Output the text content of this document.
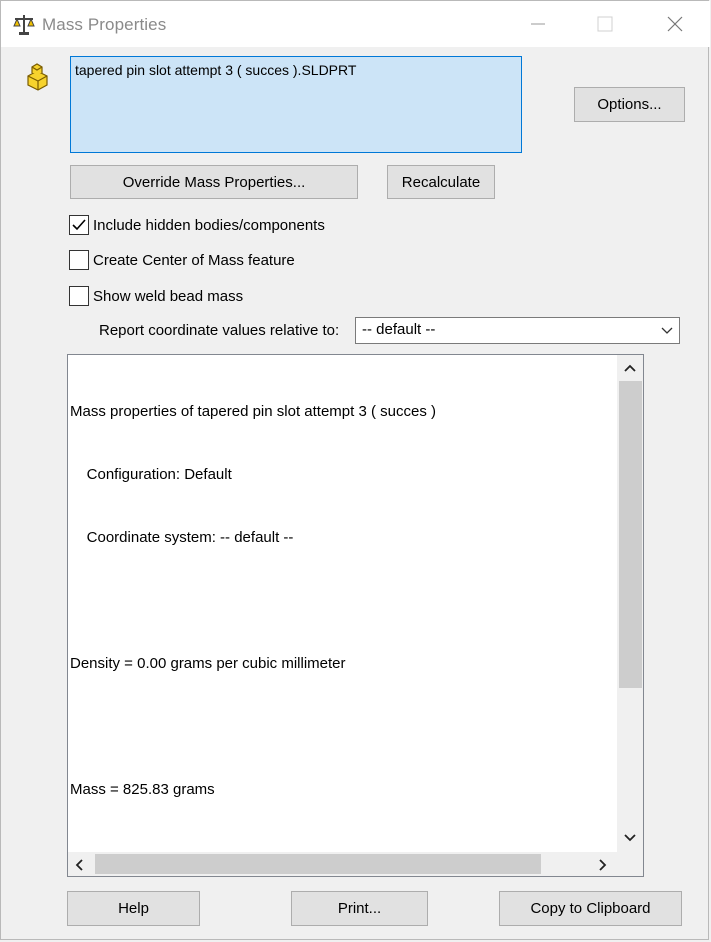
Mass Properties
tapered pin slot attempt 3 ( succes ).SLDPRT
Options...
Override Mass Properties...	Recalculate
Include hidden bodies/components
Create Center of Mass feature
Show weld bead mass
Report coordinate values relative to:	-- default --

Mass properties of tapered pin slot attempt 3 ( succes )

Configuration: Default

Coordinate system: -- default --

Density = 0.00 grams per cubic millimeter

Mass = 825.83 grams

Help	Print...	Copy to Clipboard
